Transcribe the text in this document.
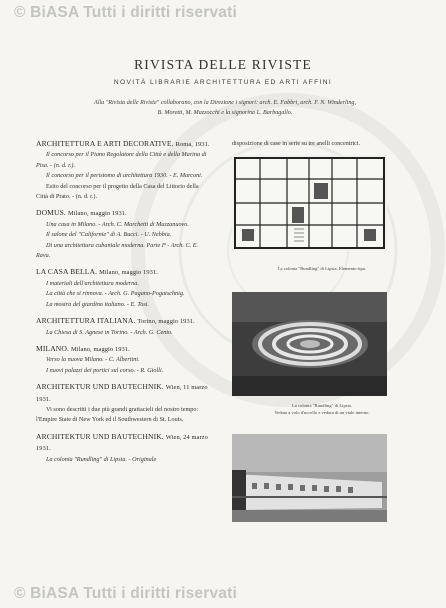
© BiASA Tutti i diritti riservati
RIVISTA DELLE RIVISTE
NOVITÀ LIBRARIE ARCHITETTURA ED ARTI AFFINI
Alla "Rivista delle Riviste" collaborano, con la Direzione i signori: arch. E. Fabbri, arch. F. N. Winderling,
B. Moretti, M. Mazzocchi e la signorina L. Barbagallo.
ARCHITETTURA E ARTI DECORATIVE. Roma, 1931.
Il concorso per il Piano Regolatore della Città e della Marina di Pisa. - (n. d. r.).
Il concorso per il peristomo di architettura 1930. - E. Marconi.
Esito del concorso per il progetto della Casa del Littorio della Città di Prato. - (n. d. r.).
DOMUS. Milano, maggio 1931.
Una casa in Milano. - Arch. C. Marchetti di Muzzanuovo.
Il salone del "Californie" di A. Bucci. - U. Nebbia.
Di una architettura cubaniale moderna. Parte Iª - Arch. C. E. Rava.
LA CASA BELLA. Milano, maggio 1931.
I materiali dell'architettura moderna.
La città che si rinnova. - Arch. G. Pagano-Pogatschnig.
La mostra del giardino italiano. - E. Tosi.
ARCHITETTURA ITALIANA. Torino, maggio 1931.
La Chiesa di S. Agnese in Torino. - Arch. G. Cento.
MILANO. Milano, maggio 1931.
Verso la nuova Milano. - C. Albertini.
I nuovi palazzi dei portici sul corso. - R. Giolli.
ARCHITEKTUR UND BAUTECHNIK. Wien, 11 marzo 1931.
Vi sono descritti i due più grandi grattacieli del nostro tempo: l'Empire State di New York ed il Southwestern di St. Louis.
ARCHITEKTUR UND BAUTECHNIK. Wien, 24 marzo 1931.
La colonia "Rundling" di Lipsia. - Originale
disposizione di case in serie su tre anelli concentrici.
La colonia "Rundling" di Lipsia. Elemento-tipo.
La colonia "Rundling" di Lipsia.
Veduta a volo d'uccello e veduta di un viale interno.
© BiASA Tutti i diritti riservati
